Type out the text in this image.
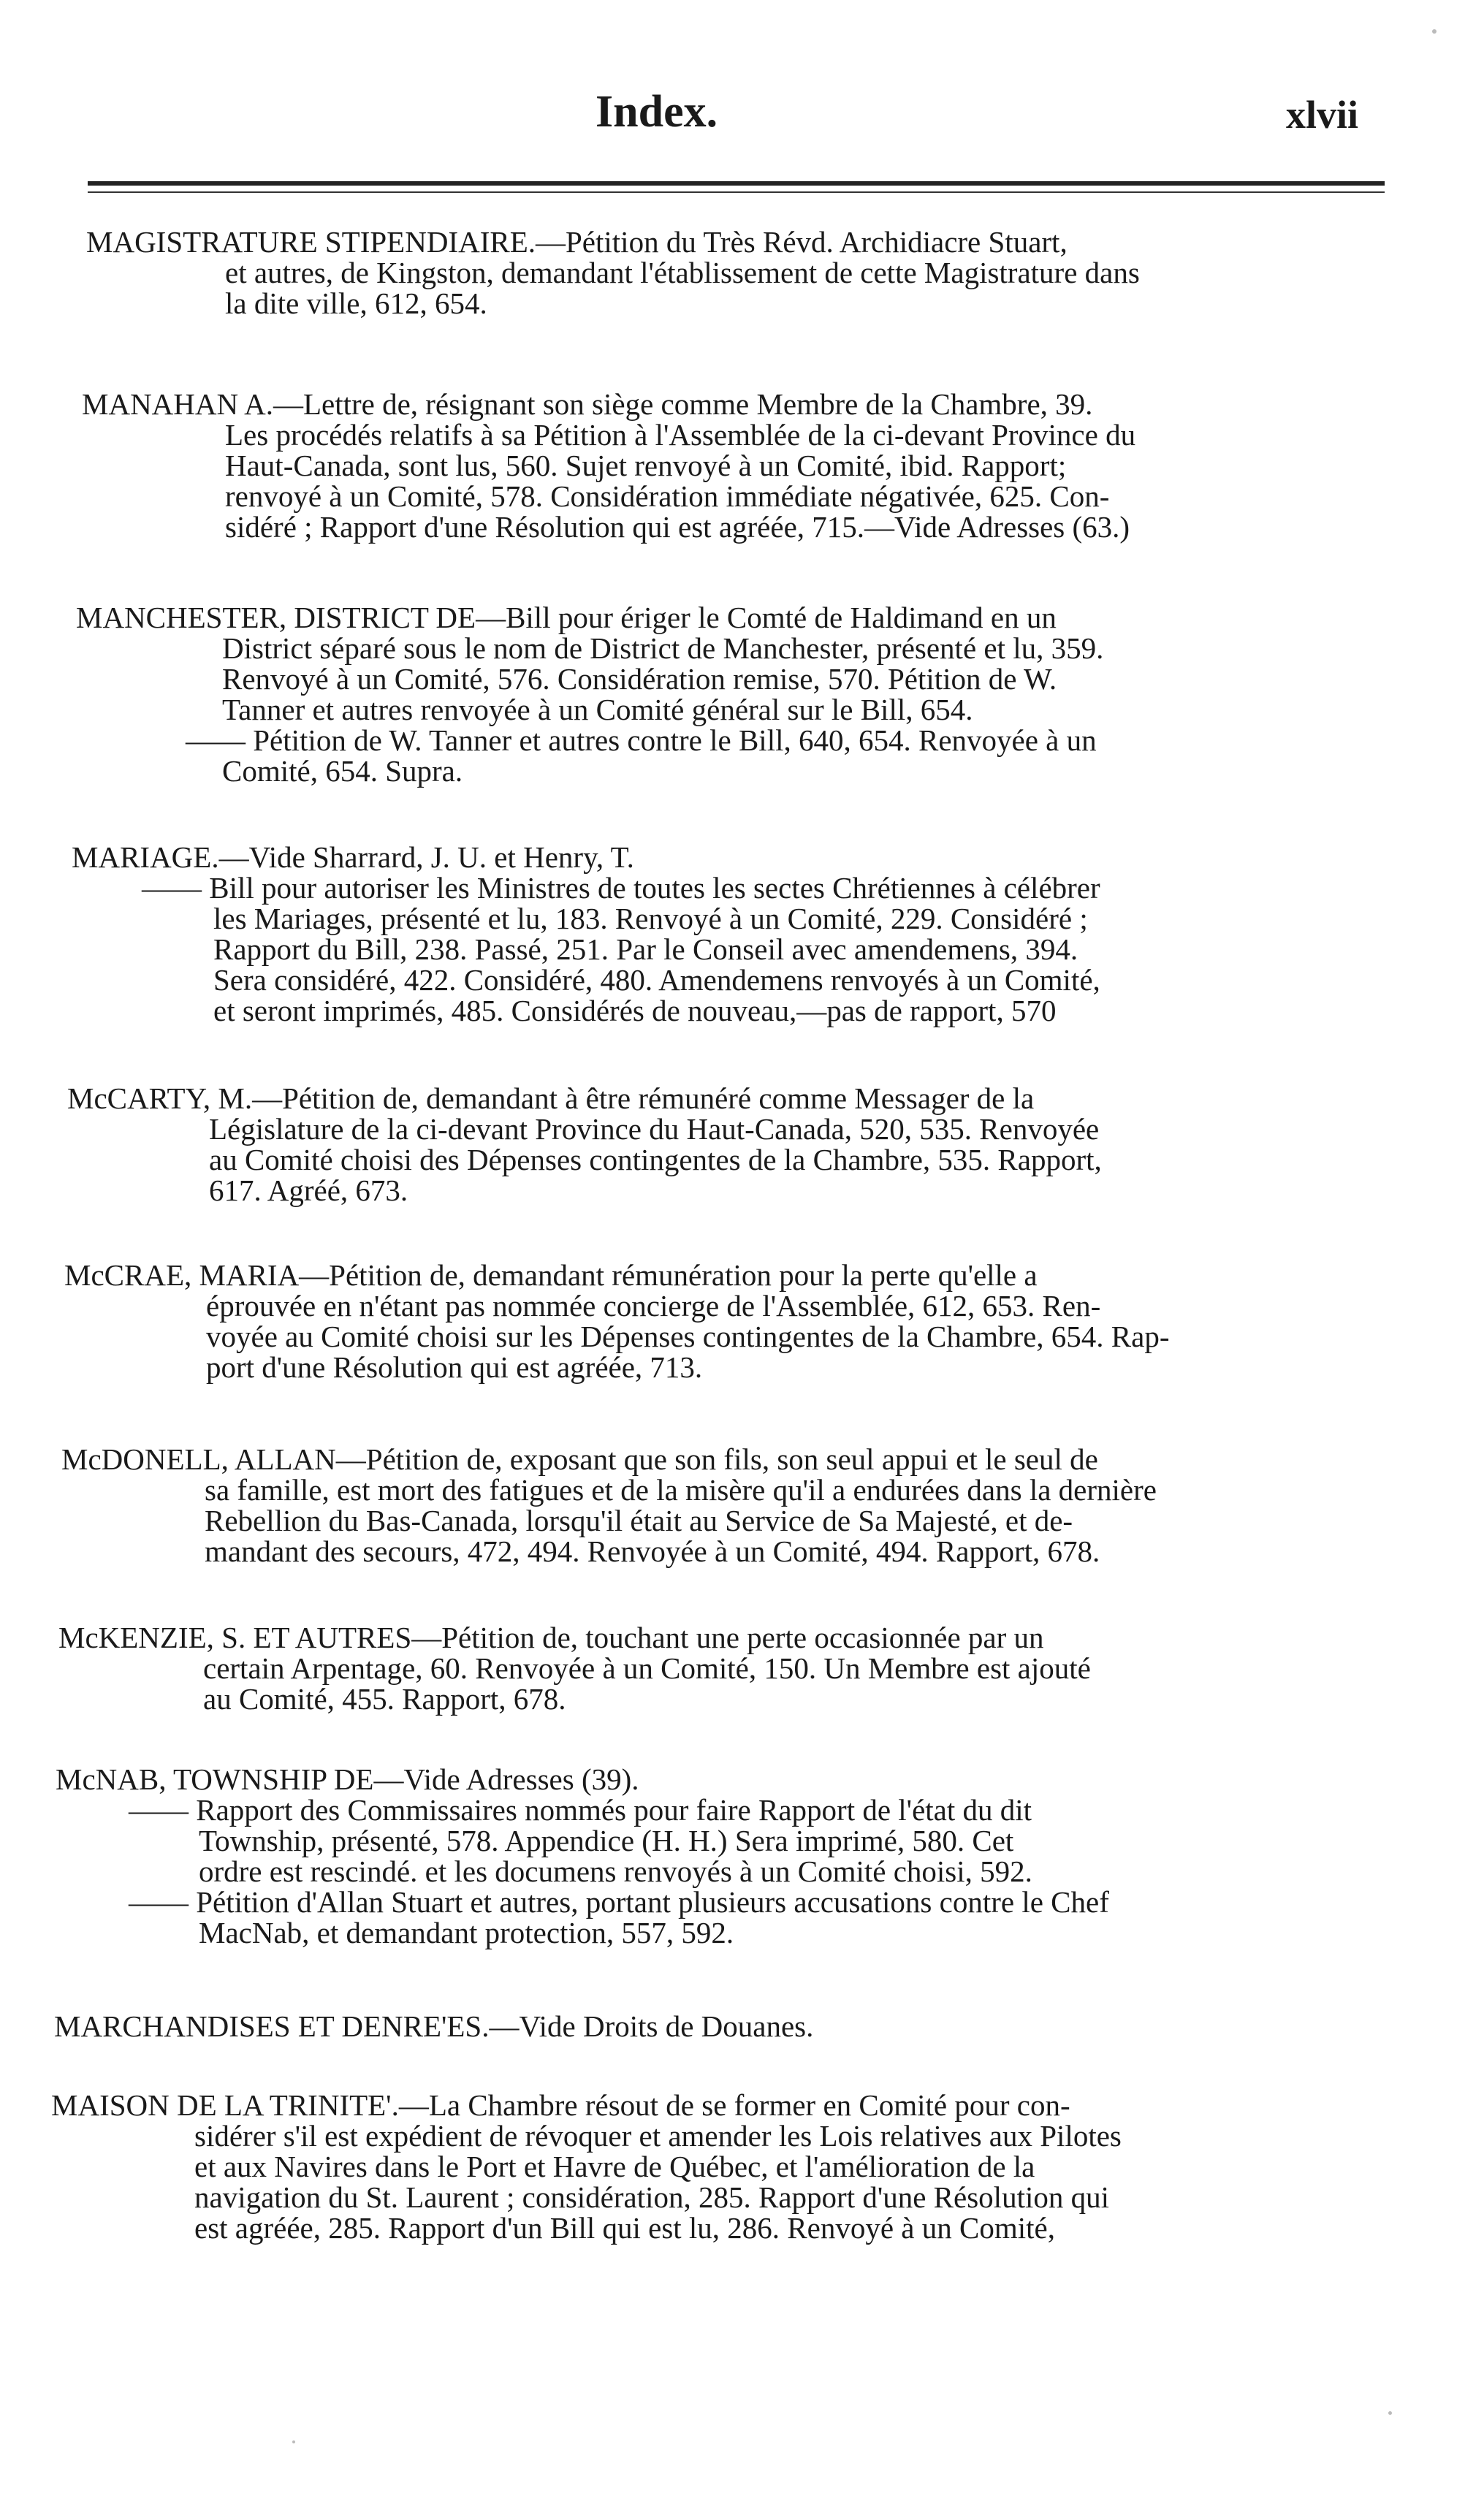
Index.	xlvii
MAGISTRATURE STIPENDIAIRE.—Pétition du Très Révd. Archidiacre Stuart,
et autres, de Kingston, demandant l'établissement de cette Magistrature dans
la dite ville, 612, 654.
MANAHAN A.—Lettre de, résignant son siège comme Membre de la Chambre, 39.
Les procédés relatifs à sa Pétition à l'Assemblée de la ci-devant Province du
Haut-Canada, sont lus, 560. Sujet renvoyé à un Comité, ibid. Rapport;
renvoyé à un Comité, 578. Considération immédiate négativée, 625. Con-
sidéré ; Rapport d'une Résolution qui est agréée, 715.—Vide Adresses (63.)
MANCHESTER, DISTRICT DE—Bill pour ériger le Comté de Haldimand en un
District séparé sous le nom de District de Manchester, présenté et lu, 359.
Renvoyé à un Comité, 576. Considération remise, 570. Pétition de W.
Tanner et autres renvoyée à un Comité général sur le Bill, 654.
—— Pétition de W. Tanner et autres contre le Bill, 640, 654. Renvoyée à un
Comité, 654. Supra.
MARIAGE.—Vide Sharrard, J. U. et Henry, T.
—— Bill pour autoriser les Ministres de toutes les sectes Chrétiennes à célébrer
les Mariages, présenté et lu, 183. Renvoyé à un Comité, 229. Considéré ;
Rapport du Bill, 238. Passé, 251. Par le Conseil avec amendemens, 394.
Sera considéré, 422. Considéré, 480. Amendemens renvoyés à un Comité,
et seront imprimés, 485. Considérés de nouveau,—pas de rapport, 570
McCARTY, M.—Pétition de, demandant à être rémunéré comme Messager de la
Législature de la ci-devant Province du Haut-Canada, 520, 535. Renvoyée
au Comité choisi des Dépenses contingentes de la Chambre, 535. Rapport,
617. Agréé, 673.
McCRAE, MARIA—Pétition de, demandant rémunération pour la perte qu'elle a
éprouvée en n'étant pas nommée concierge de l'Assemblée, 612, 653. Ren-
voyée au Comité choisi sur les Dépenses contingentes de la Chambre, 654. Rap-
port d'une Résolution qui est agréée, 713.
McDONELL, ALLAN—Pétition de, exposant que son fils, son seul appui et le seul de
sa famille, est mort des fatigues et de la misère qu'il a endurées dans la dernière
Rebellion du Bas-Canada, lorsqu'il était au Service de Sa Majesté, et de-
mandant des secours, 472, 494. Renvoyée à un Comité, 494. Rapport, 678.
McKENZIE, S. ET AUTRES—Pétition de, touchant une perte occasionnée par un
certain Arpentage, 60. Renvoyée à un Comité, 150. Un Membre est ajouté
au Comité, 455. Rapport, 678.
McNAB, TOWNSHIP DE—Vide Adresses (39).
—— Rapport des Commissaires nommés pour faire Rapport de l'état du dit
Township, présenté, 578. Appendice (H. H.) Sera imprimé, 580. Cet
ordre est rescindé. et les documens renvoyés à un Comité choisi, 592.
—— Pétition d'Allan Stuart et autres, portant plusieurs accusations contre le Chef
MacNab, et demandant protection, 557, 592.
MARCHANDISES ET DENRE'ES.—Vide Droits de Douanes.
MAISON DE LA TRINITE'.—La Chambre résout de se former en Comité pour con-
sidérer s'il est expédient de révoquer et amender les Lois relatives aux Pilotes
et aux Navires dans le Port et Havre de Québec, et l'amélioration de la
navigation du St. Laurent ; considération, 285. Rapport d'une Résolution qui
est agréée, 285. Rapport d'un Bill qui est lu, 286. Renvoyé à un Comité,
